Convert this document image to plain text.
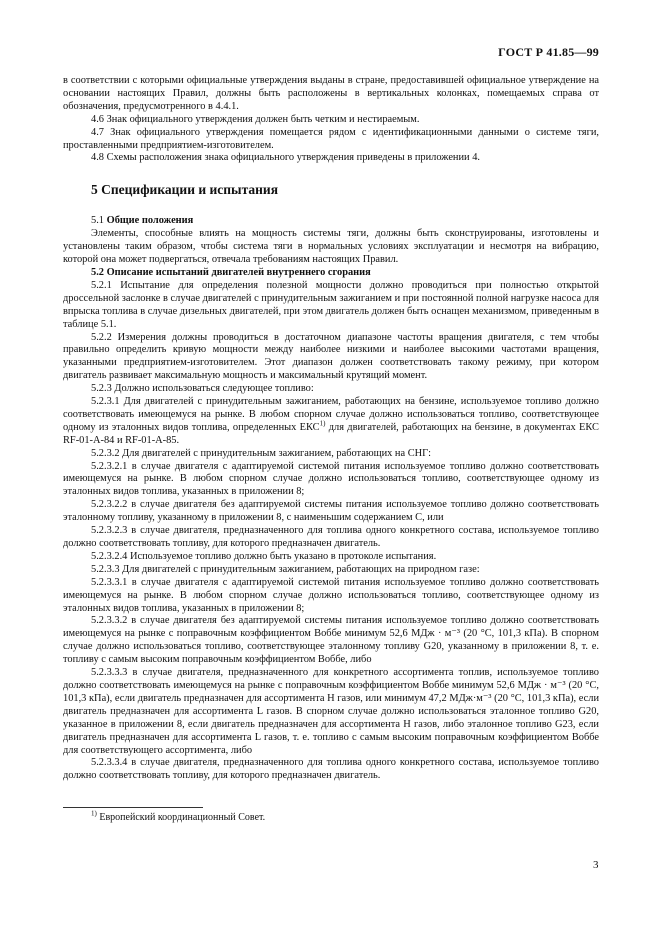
ГОСТ Р 41.85—99

в соответствии с которыми официальные утверждения выданы в стране, предоставившей официальное утверждение на основании настоящих Правил, должны быть расположены в вертикальных колонках, помещаемых справа от обозначения, предусмотренного в 4.4.1.

4.6 Знак официального утверждения должен быть четким и нестираемым.

4.7 Знак официального утверждения помещается рядом с идентификационными данными о системе тяги, проставленными предприятием-изготовителем.

4.8 Схемы расположения знака официального утверждения приведены в приложении 4.

5 Спецификации и испытания

5.1 Общие положения

Элементы, способные влиять на мощность системы тяги, должны быть сконструированы, изготовлены и установлены таким образом, чтобы система тяги в нормальных условиях эксплуатации и несмотря на вибрацию, которой она может подвергаться, отвечала требованиям настоящих Правил.

5.2 Описание испытаний двигателей внутреннего сгорания

5.2.1 Испытание для определения полезной мощности должно проводиться при полностью открытой дроссельной заслонке в случае двигателей с принудительным зажиганием и при постоянной полной нагрузке насоса для впрыска топлива в случае дизельных двигателей, при этом двигатель должен быть оснащен механизмом, приведенным в таблице 5.1.

5.2.2 Измерения должны проводиться в достаточном диапазоне частоты вращения двигателя, с тем чтобы правильно определить кривую мощности между наиболее низкими и наиболее высокими частотами вращения, указанными предприятием-изготовителем. Этот диапазон должен соответствовать такому режиму, при котором двигатель развивает максимальную мощность и максимальный крутящий момент.

5.2.3 Должно использоваться следующее топливо:

5.2.3.1 Для двигателей с принудительным зажиганием, работающих на бензине, используемое топливо должно соответствовать имеющемуся на рынке. В любом спорном случае должно использоваться топливо, соответствующее одному из эталонных видов топлива, определенных ЕКС$^{1)}$ для двигателей, работающих на бензине, в документах ЕКС RF-01-A-84 и RF-01-A-85.

5.2.3.2 Для двигателей с принудительным зажиганием, работающих на СНГ:

5.2.3.2.1 в случае двигателя с адаптируемой системой питания используемое топливо должно соответствовать имеющемуся на рынке. В любом спорном случае должно использоваться топливо, соответствующее одному из эталонных видов топлива, указанных в приложении 8;

5.2.3.2.2 в случае двигателя без адаптируемой системы питания используемое топливо должно соответствовать эталонному топливу, указанному в приложении 8, с наименьшим содержанием C, или

5.2.3.2.3 в случае двигателя, предназначенного для топлива одного конкретного состава, используемое топливо должно соответствовать топливу, для которого предназначен двигатель.

5.2.3.2.4 Используемое топливо должно быть указано в протоколе испытания.

5.2.3.3 Для двигателей с принудительным зажиганием, работающих на природном газе:

5.2.3.3.1 в случае двигателя с адаптируемой системой питания используемое топливо должно соответствовать имеющемуся на рынке. В любом спорном случае должно использоваться топливо, соответствующее одному из эталонных видов топлива, указанных в приложении 8;

5.2.3.3.2 в случае двигателя без адаптируемой системы питания используемое топливо должно соответствовать имеющемуся на рынке с поправочным коэффициентом Воббе минимум 52,6 МДж · м⁻³ (20 °С, 101,3 кПа). В спорном случае должно использоваться топливо, соответствующее эталонному топливу G20, указанному в приложении 8, т. е. топливу с самым высоким поправочным коэффициентом Воббе, либо

5.2.3.3.3 в случае двигателя, предназначенного для конкретного ассортимента топлив, используемое топливо должно соответствовать имеющемуся на рынке с поправочным коэффициентом Воббе минимум 52,6 МДж · м⁻³ (20 °С, 101,3 кПа), если двигатель предназначен для ассортимента Н газов, или минимум 47,2 МДж·м⁻³ (20 °С, 101,3 кПа), если двигатель предназначен для ассортимента L газов. В спорном случае должно использоваться эталонное топливо G20, указанное в приложении 8, если двигатель предназначен для ассортимента Н газов, либо эталонное топливо G23, если двигатель предназначен для ассортимента L газов, т. е. топливо с самым высоким поправочным коэффициентом Воббе для соответствующего ассортимента, либо

5.2.3.3.4 в случае двигателя, предназначенного для топлива одного конкретного состава, используемое топливо должно соответствовать топливу, для которого предназначен двигатель.

$^{1)}$ Европейский координационный Совет.
3
